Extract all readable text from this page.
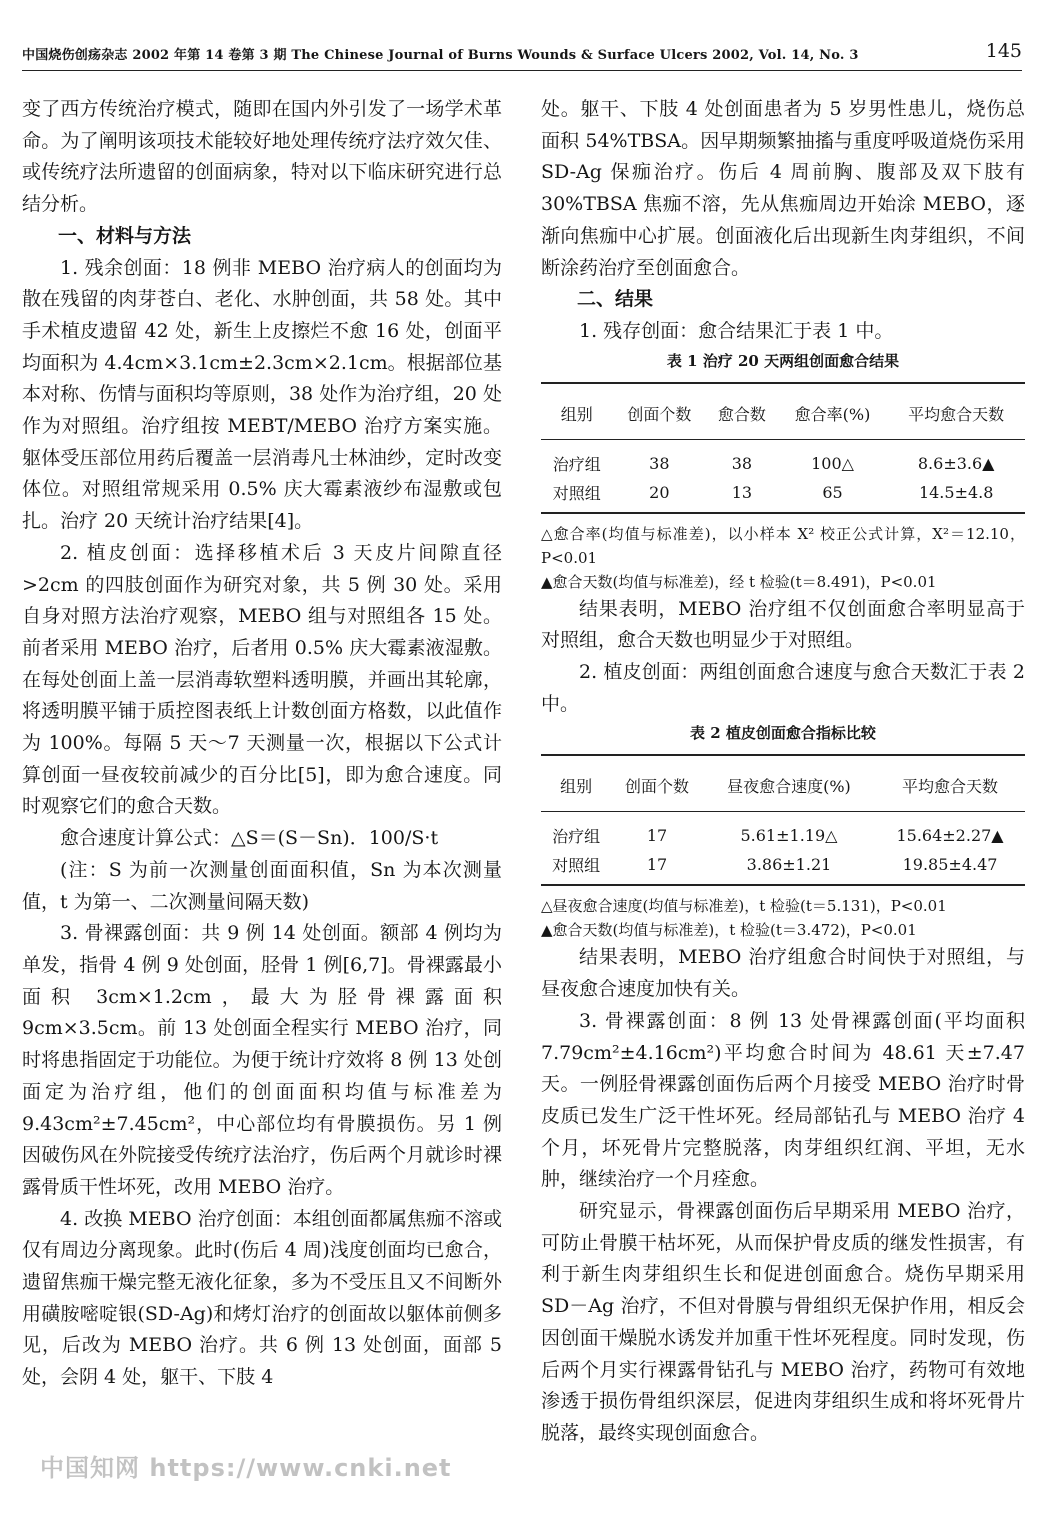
中国烧伤创疡杂志 2002 年第 14 卷第 3 期 The Chinese Journal of Burns Wounds & Surface Ulcers 2002, Vol. 14, No. 3	145

变了西方传统治疗模式，随即在国内外引发了一场学术革命。为了阐明该项技术能较好地处理传统疗法疗效欠佳、或传统疗法所遗留的创面病象，特对以下临床研究进行总结分析。

一、材料与方法

1. 残余创面：18 例非 MEBO 治疗病人的创面均为散在残留的肉芽苍白、老化、水肿创面，共 58 处。其中手术植皮遗留 42 处，新生上皮擦烂不愈 16 处，创面平均面积为 4.4cm×3.1cm±2.3cm×2.1cm。根据部位基本对称、伤情与面积均等原则，38 处作为治疗组，20 处作为对照组。治疗组按 MEBT/MEBO 治疗方案实施。躯体受压部位用药后覆盖一层消毒凡士林油纱，定时改变体位。对照组常规采用 0.5% 庆大霉素液纱布湿敷或包扎。治疗 20 天统计治疗结果[4]。

2. 植皮创面：选择移植术后 3 天皮片间隙直径 >2cm 的四肢创面作为研究对象，共 5 例 30 处。采用自身对照方法治疗观察，MEBO 组与对照组各 15 处。前者采用 MEBO 治疗，后者用 0.5% 庆大霉素液湿敷。在每处创面上盖一层消毒软塑料透明膜，并画出其轮廓，将透明膜平铺于质控图表纸上计数创面方格数，以此值作为 100%。每隔 5 天～7 天测量一次，根据以下公式计算创面一昼夜较前减少的百分比[5]，即为愈合速度。同时观察它们的愈合天数。

愈合速度计算公式：△S＝(S－Sn)．100/S·t

(注：S 为前一次测量创面面积值，Sn 为本次测量值，t 为第一、二次测量间隔天数)

3. 骨裸露创面：共 9 例 14 处创面。额部 4 例均为单发，指骨 4 例 9 处创面，胫骨 1 例[6,7]。骨裸露最小面积 3cm×1.2cm，最大为胫骨裸露面积 9cm×3.5cm。前 13 处创面全程实行 MEBO 治疗，同时将患指固定于功能位。为便于统计疗效将 8 例 13 处创面定为治疗组，他们的创面面积均值与标准差为 9.43cm²±7.45cm²，中心部位均有骨膜损伤。另 1 例因破伤风在外院接受传统疗法治疗，伤后两个月就诊时裸露骨质干性坏死，改用 MEBO 治疗。

4. 改换 MEBO 治疗创面：本组创面都属焦痂不溶或仅有周边分离现象。此时(伤后 4 周)浅度创面均已愈合，遗留焦痂干燥完整无液化征象，多为不受压且又不间断外用磺胺嘧啶银(SD-Ag)和烤灯治疗的创面故以躯体前侧多见，后改为 MEBO 治疗。共 6 例 13 处创面，面部 5 处，会阴 4 处，躯干、下肢 4

处。躯干、下肢 4 处创面患者为 5 岁男性患儿，烧伤总面积 54%TBSA。因早期频繁抽搐与重度呼吸道烧伤采用 SD-Ag 保痂治疗。伤后 4 周前胸、腹部及双下肢有 30%TBSA 焦痂不溶，先从焦痂周边开始涂 MEBO，逐渐向焦痂中心扩展。创面液化后出现新生肉芽组织，不间断涂药治疗至创面愈合。

二、结果

1. 残存创面：愈合结果汇于表 1 中。

表 1 治疗 20 天两组创面愈合结果
组别	创面个数	愈合数	愈合率(%)	平均愈合天数
治疗组	38	38	100△	8.6±3.6▲
对照组	20	13	65	14.5±4.8

△愈合率(均值与标准差)，以小样本 X² 校正公式计算，X²＝12.10，P<0.01

▲愈合天数(均值与标准差)，经 t 检验(t＝8.491)，P<0.01

结果表明，MEBO 治疗组不仅创面愈合率明显高于对照组，愈合天数也明显少于对照组。

2. 植皮创面：两组创面愈合速度与愈合天数汇于表 2 中。

表 2 植皮创面愈合指标比较
组别	创面个数	昼夜愈合速度(%)	平均愈合天数
治疗组	17	5.61±1.19△	15.64±2.27▲
对照组	17	3.86±1.21	19.85±4.47

△昼夜愈合速度(均值与标准差)，t 检验(t＝5.131)，P<0.01

▲愈合天数(均值与标准差)，t 检验(t＝3.472)，P<0.01

结果表明，MEBO 治疗组愈合时间快于对照组，与昼夜愈合速度加快有关。

3. 骨裸露创面：8 例 13 处骨裸露创面(平均面积 7.79cm²±4.16cm²)平均愈合时间为 48.61 天±7.47 天。一例胫骨裸露创面伤后两个月接受 MEBO 治疗时骨皮质已发生广泛干性坏死。经局部钻孔与 MEBO 治疗 4 个月，坏死骨片完整脱落，肉芽组织红润、平坦，无水肿，继续治疗一个月痊愈。

研究显示，骨裸露创面伤后早期采用 MEBO 治疗，可防止骨膜干枯坏死，从而保护骨皮质的继发性损害，有利于新生肉芽组织生长和促进创面愈合。烧伤早期采用 SD－Ag 治疗，不但对骨膜与骨组织无保护作用，相反会因创面干燥脱水诱发并加重干性坏死程度。同时发现，伤后两个月实行裸露骨钻孔与 MEBO 治疗，药物可有效地渗透于损伤骨组织深层，促进肉芽组织生成和将坏死骨片脱落，最终实现创面愈合。

中国知网 https://www.cnki.net
